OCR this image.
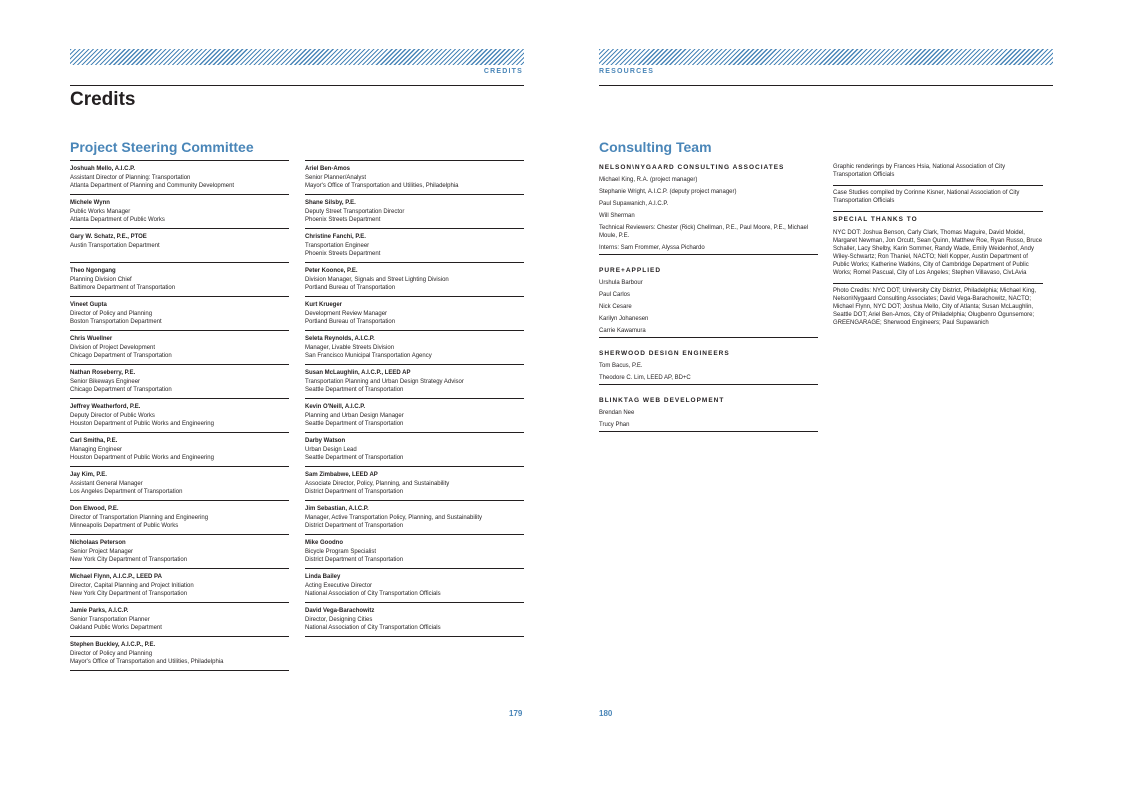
CREDITS
Credits
Project Steering Committee
Joshuah Mello, A.I.C.P.
Assistant Director of Planning: Transportation
Atlanta Department of Planning and Community Development
Michele Wynn
Public Works Manager
Atlanta Department of Public Works
Gary W. Schatz, P.E., PTOE
Austin Transportation Department
Theo Ngongang
Planning Division Chief
Baltimore Department of Transportation
Vineet Gupta
Director of Policy and Planning
Boston Transportation Department
Chris Wuellner
Division of Project Development
Chicago Department of Transportation
Nathan Roseberry, P.E.
Senior Bikeways Engineer
Chicago Department of Transportation
Jeffrey Weatherford, P.E.
Deputy Director of Public Works
Houston Department of Public Works and Engineering
Carl Smitha, P.E.
Managing Engineer
Houston Department of Public Works and Engineering
Jay Kim, P.E.
Assistant General Manager
Los Angeles Department of Transportation
Don Elwood, P.E.
Director of Transportation Planning and Engineering
Minneapolis Department of Public Works
Nicholaas Peterson
Senior Project Manager
New York City Department of Transportation
Michael Flynn, A.I.C.P., LEED PA
Director, Capital Planning and Project Initiation
New York City Department of Transportation
Jamie Parks, A.I.C.P.
Senior Transportation Planner
Oakland Public Works Department
Stephen Buckley, A.I.C.P., P.E.
Director of Policy and Planning
Mayor's Office of Transportation and Utilities, Philadelphia
Ariel Ben-Amos
Senior Planner/Analyst
Mayor's Office of Transportation and Utilities, Philadelphia
Shane Silsby, P.E.
Deputy Street Transportation Director
Phoenix Streets Department
Christine Fanchi, P.E.
Transportation Engineer
Phoenix Streets Department
Peter Koonce, P.E.
Division Manager, Signals and Street Lighting Division
Portland Bureau of Transportation
Kurt Krueger
Development Review Manager
Portland Bureau of Transportation
Seleta Reynolds, A.I.C.P.
Manager, Livable Streets Division
San Francisco Municipal Transportation Agency
Susan McLaughlin, A.I.C.P., LEED AP
Transportation Planning and Urban Design Strategy Advisor
Seattle Department of Transportation
Kevin O'Neill, A.I.C.P.
Planning and Urban Design Manager
Seattle Department of Transportation
Darby Watson
Urban Design Lead
Seattle Department of Transportation
Sam Zimbabwe, LEED AP
Associate Director, Policy, Planning, and Sustainability
District Department of Transportation
Jim Sebastian, A.I.C.P.
Manager, Active Transportation Policy, Planning, and Sustainability
District Department of Transportation
Mike Goodno
Bicycle Program Specialist
District Department of Transportation
Linda Bailey
Acting Executive Director
National Association of City Transportation Officials
David Vega-Barachowitz
Director, Designing Cities
National Association of City Transportation Officials
179
RESOURCES
Consulting Team
NELSON\NYGAARD CONSULTING ASSOCIATES
Michael King, R.A. (project manager)
Stephanie Wright, A.I.C.P. (deputy project manager)
Paul Supawanich, A.I.C.P.
Will Sherman
Technical Reviewers: Chester (Rick) Chellman, P.E., Paul Moore, P.E., Michael Moule, P.E.
Interns: Sam Frommer, Alyssa Pichardo
PURE+APPLIED
Urshula Barbour
Paul Carlos
Nick Cesare
Karilyn Johanesen
Carrie Kawamura
SHERWOOD DESIGN ENGINEERS
Tom Bacus, P.E.
Theodore C. Lim, LEED AP, BD+C
BLINKTAG WEB DEVELOPMENT
Brendan Nee
Trucy Phan
Graphic renderings by Frances Hsia, National Association of City Transportation Officials
Case Studies compiled by Corinne Kisner, National Association of City Transportation Officials
SPECIAL THANKS TO
NYC DOT: Joshua Benson, Carly Clark, Thomas Maguire, David Moidel, Margaret Newman, Jon Orcutt, Sean Quinn, Matthew Roe, Ryan Russo, Bruce Schaller, Lacy Shelby, Karin Sommer, Randy Wade, Emily Weidenhof, Andy Wiley-Schwartz; Ron Thaniel, NACTO; Nell Kopper, Austin Department of Public Works; Katherine Watkins, City of Cambridge Department of Public Works; Romel Pascual, City of Los Angeles; Stephen Villavaso, CivLAvia
Photo Credits: NYC DOT; University City District, Philadelphia; Michael King, Nelson\Nygaard Consulting Associates; David Vega-Barachowitz, NACTO; Michael Flynn, NYC DOT; Joshua Mello, City of Atlanta; Susan McLaughlin, Seattle DOT; Ariel Ben-Amos, City of Philadelphia; Olugbenro Ogunsemore; GREENGARAGE; Sherwood Engineers; Paul Supawanich
180
